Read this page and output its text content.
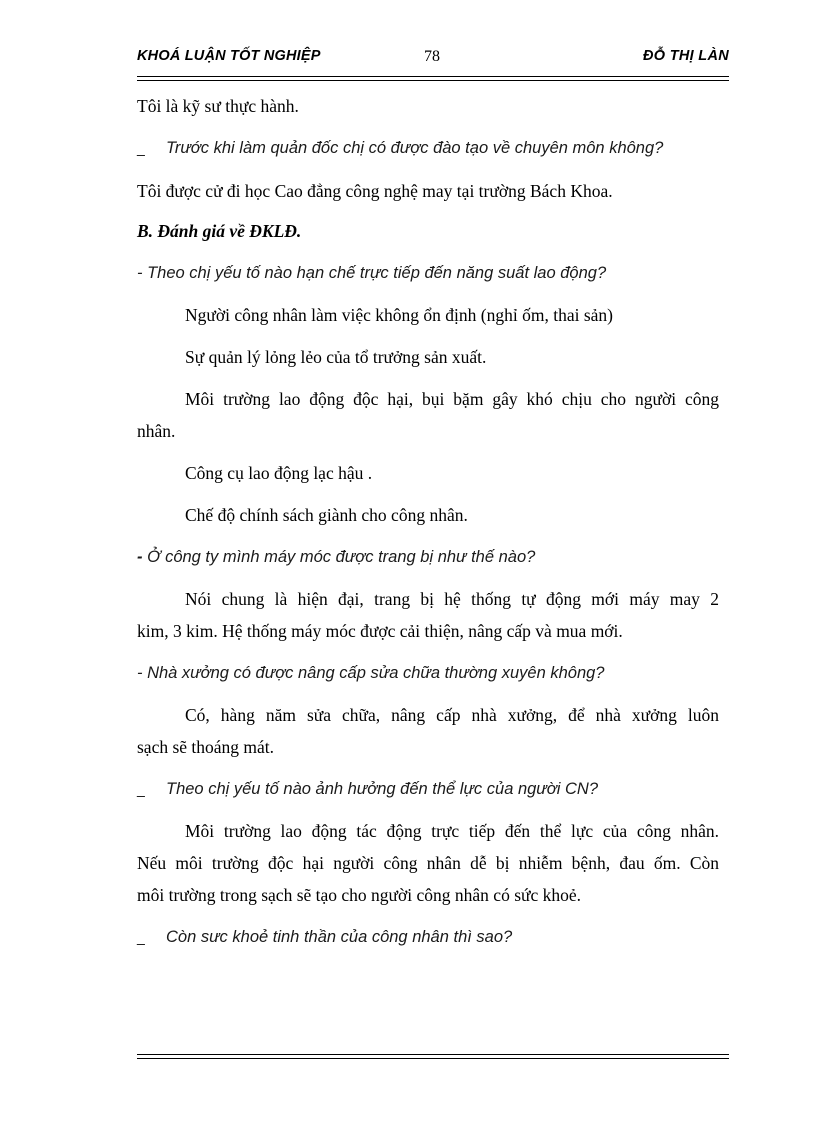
KHOÁ LUẬN TỐT NGHIỆP	78	ĐỖ THỊ LÀN
Tôi là kỹ sư thực hành.
_ Trước khi làm quản đốc chị có được đào tạo về chuyên môn không?
Tôi được cử đi học Cao đẳng công nghệ may tại trường Bách Khoa.
B. Đánh giá về ĐKLĐ.
- Theo chị yếu tố nào hạn chế trực tiếp đến năng suất lao động?
Người công nhân làm việc không ổn định (nghỉ ốm, thai sản)
Sự quản lý lỏng lẻo của tổ trưởng sản xuất.
Môi trường lao động độc hại, bụi bặm gây khó chịu cho người công
nhân.
Công cụ lao động lạc hậu .
Chế độ chính sách giành cho công nhân.
- Ở công ty mình máy móc được trang bị như thế nào?
Nói chung là hiện đại, trang bị hệ thống tự động mới máy may 2
kim, 3 kim. Hệ thống máy móc được cải thiện, nâng cấp và mua mới.
- Nhà xưởng có được nâng cấp sửa chữa thường xuyên không?
Có, hàng năm sửa chữa, nâng cấp nhà xưởng, để nhà xưởng luôn
sạch sẽ thoáng mát.
_ Theo chị yếu tố nào ảnh hưởng đến thể lực của người CN?
Môi trường lao động tác động trực tiếp đến thể lực của công nhân.
Nếu môi trường độc hại người công nhân dễ bị nhiễm bệnh, đau ốm. Còn
môi trường trong sạch sẽ tạo cho người công nhân có sức khoẻ.
_ Còn sưc khoẻ tinh thần của công nhân thì sao?
